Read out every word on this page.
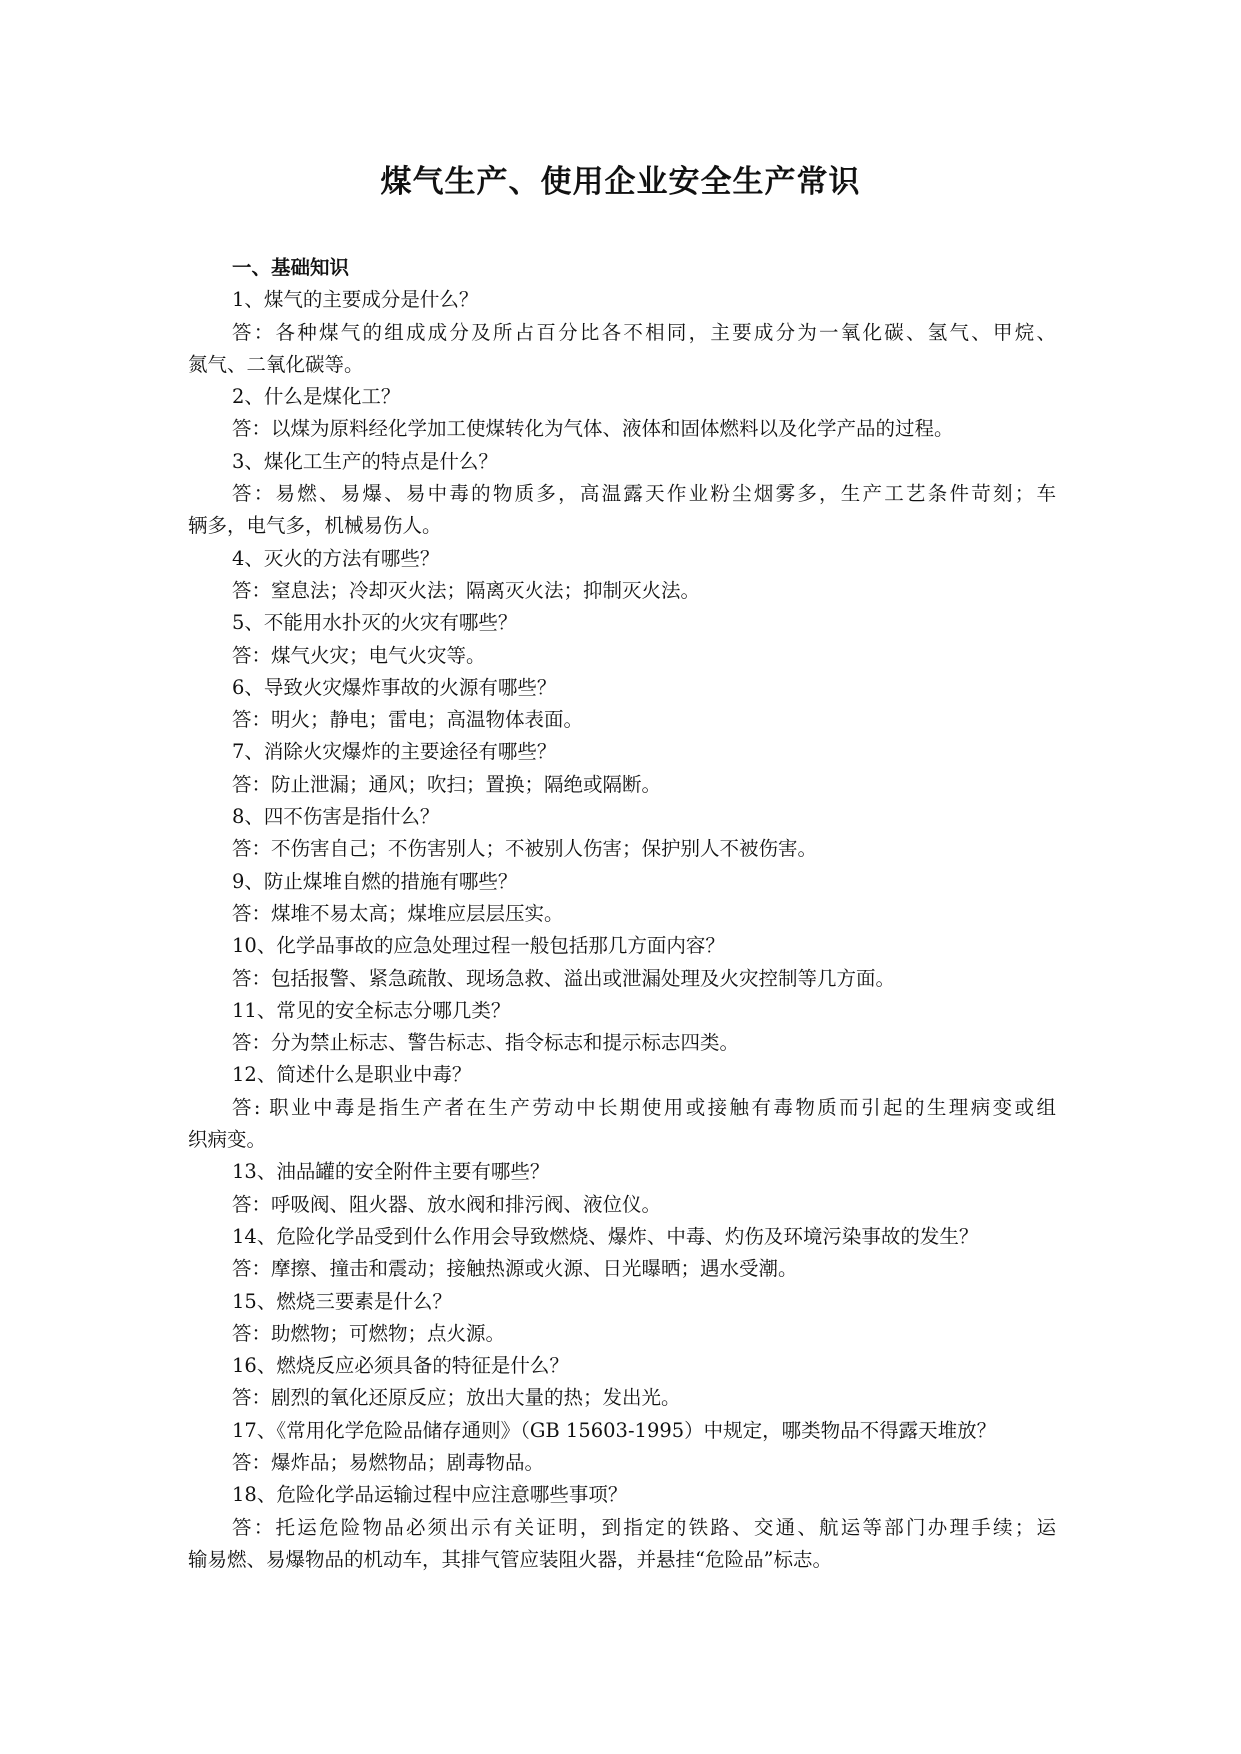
煤气生产、使用企业安全生产常识
一、基础知识
1、煤气的主要成分是什么？
答：各种煤气的组成成分及所占百分比各不相同，主要成分为一氧化碳、氢气、甲烷、
氮气、二氧化碳等。
2、什么是煤化工？
答：以煤为原料经化学加工使煤转化为气体、液体和固体燃料以及化学产品的过程。
3、煤化工生产的特点是什么？
答：易燃、易爆、易中毒的物质多，高温露天作业粉尘烟雾多，生产工艺条件苛刻；车
辆多，电气多，机械易伤人。
4、灭火的方法有哪些？
答：窒息法；冷却灭火法；隔离灭火法；抑制灭火法。
5、不能用水扑灭的火灾有哪些？
答：煤气火灾；电气火灾等。
6、导致火灾爆炸事故的火源有哪些？
答：明火；静电；雷电；高温物体表面。
7、消除火灾爆炸的主要途径有哪些？
答：防止泄漏；通风；吹扫；置换；隔绝或隔断。
8、四不伤害是指什么？
答：不伤害自己；不伤害别人；不被别人伤害；保护别人不被伤害。
9、防止煤堆自燃的措施有哪些？
答：煤堆不易太高；煤堆应层层压实。
10、化学品事故的应急处理过程一般包括那几方面内容？
答：包括报警、紧急疏散、现场急救、溢出或泄漏处理及火灾控制等几方面。
11、常见的安全标志分哪几类？
答：分为禁止标志、警告标志、指令标志和提示标志四类。
12、简述什么是职业中毒？
答: 职业中毒是指生产者在生产劳动中长期使用或接触有毒物质而引起的生理病变或组
织病变。
13、油品罐的安全附件主要有哪些？
答：呼吸阀、阻火器、放水阀和排污阀、液位仪。
14、危险化学品受到什么作用会导致燃烧、爆炸、中毒、灼伤及环境污染事故的发生？
答：摩擦、撞击和震动；接触热源或火源、日光曝晒；遇水受潮。
15、燃烧三要素是什么？
答：助燃物；可燃物；点火源。
16、燃烧反应必须具备的特征是什么？
答：剧烈的氧化还原反应；放出大量的热；发出光。
17、《常用化学危险品储存通则》（GB 15603-1995）中规定，哪类物品不得露天堆放？
答：爆炸品；易燃物品；剧毒物品。
18、危险化学品运输过程中应注意哪些事项？
答：托运危险物品必须出示有关证明，到指定的铁路、交通、航运等部门办理手续；运
输易燃、易爆物品的机动车，其排气管应装阻火器，并悬挂“危险品”标志。
